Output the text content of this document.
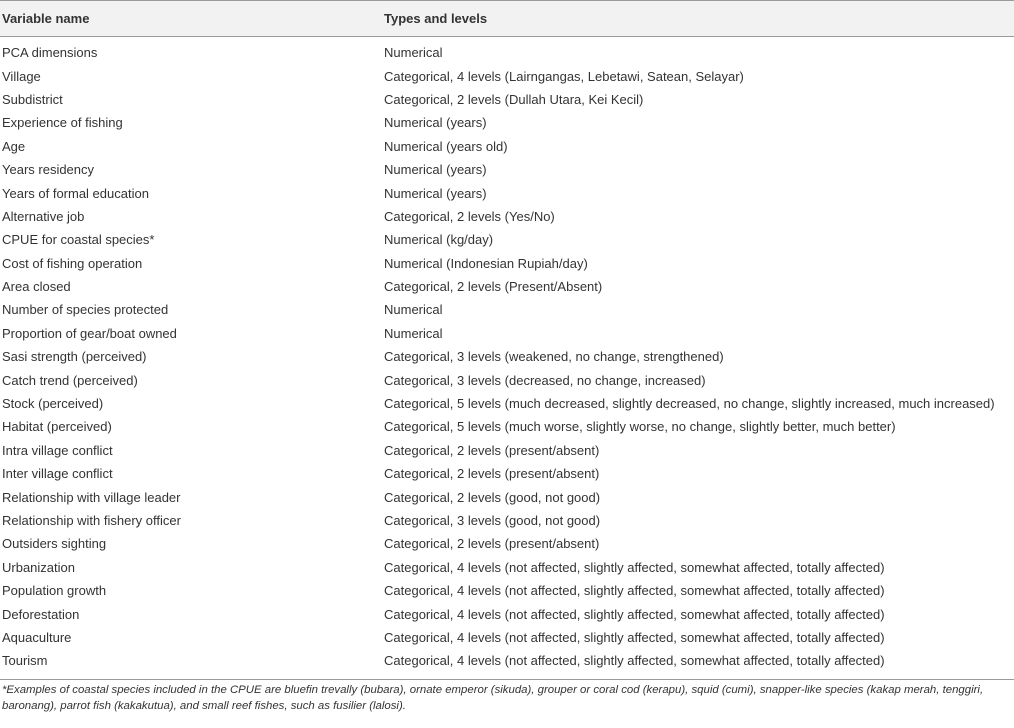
Variable name	Types and levels
PCA dimensions	Numerical
Village	Categorical, 4 levels (Lairngangas, Lebetawi, Satean, Selayar)
Subdistrict	Categorical, 2 levels (Dullah Utara, Kei Kecil)
Experience of fishing	Numerical (years)
Age	Numerical (years old)
Years residency	Numerical (years)
Years of formal education	Numerical (years)
Alternative job	Categorical, 2 levels (Yes/No)
CPUE for coastal species*	Numerical (kg/day)
Cost of fishing operation	Numerical (Indonesian Rupiah/day)
Area closed	Categorical, 2 levels (Present/Absent)
Number of species protected	Numerical
Proportion of gear/boat owned	Numerical
Sasi strength (perceived)	Categorical, 3 levels (weakened, no change, strengthened)
Catch trend (perceived)	Categorical, 3 levels (decreased, no change, increased)
Stock (perceived)	Categorical, 5 levels (much decreased, slightly decreased, no change, slightly increased, much increased)
Habitat (perceived)	Categorical, 5 levels (much worse, slightly worse, no change, slightly better, much better)
Intra village conflict	Categorical, 2 levels (present/absent)
Inter village conflict	Categorical, 2 levels (present/absent)
Relationship with village leader	Categorical, 2 levels (good, not good)
Relationship with fishery officer	Categorical, 3 levels (good, not good)
Outsiders sighting	Categorical, 2 levels (present/absent)
Urbanization	Categorical, 4 levels (not affected, slightly affected, somewhat affected, totally affected)
Population growth	Categorical, 4 levels (not affected, slightly affected, somewhat affected, totally affected)
Deforestation	Categorical, 4 levels (not affected, slightly affected, somewhat affected, totally affected)
Aquaculture	Categorical, 4 levels (not affected, slightly affected, somewhat affected, totally affected)
Tourism	Categorical, 4 levels (not affected, slightly affected, somewhat affected, totally affected)
*Examples of coastal species included in the CPUE are bluefin trevally (bubara), ornate emperor (sikuda), grouper or coral cod (kerapu), squid (cumi), snapper-like species (kakap merah, tenggiri, baronang), parrot fish (kakakutua), and small reef fishes, such as fusilier (lalosi).
